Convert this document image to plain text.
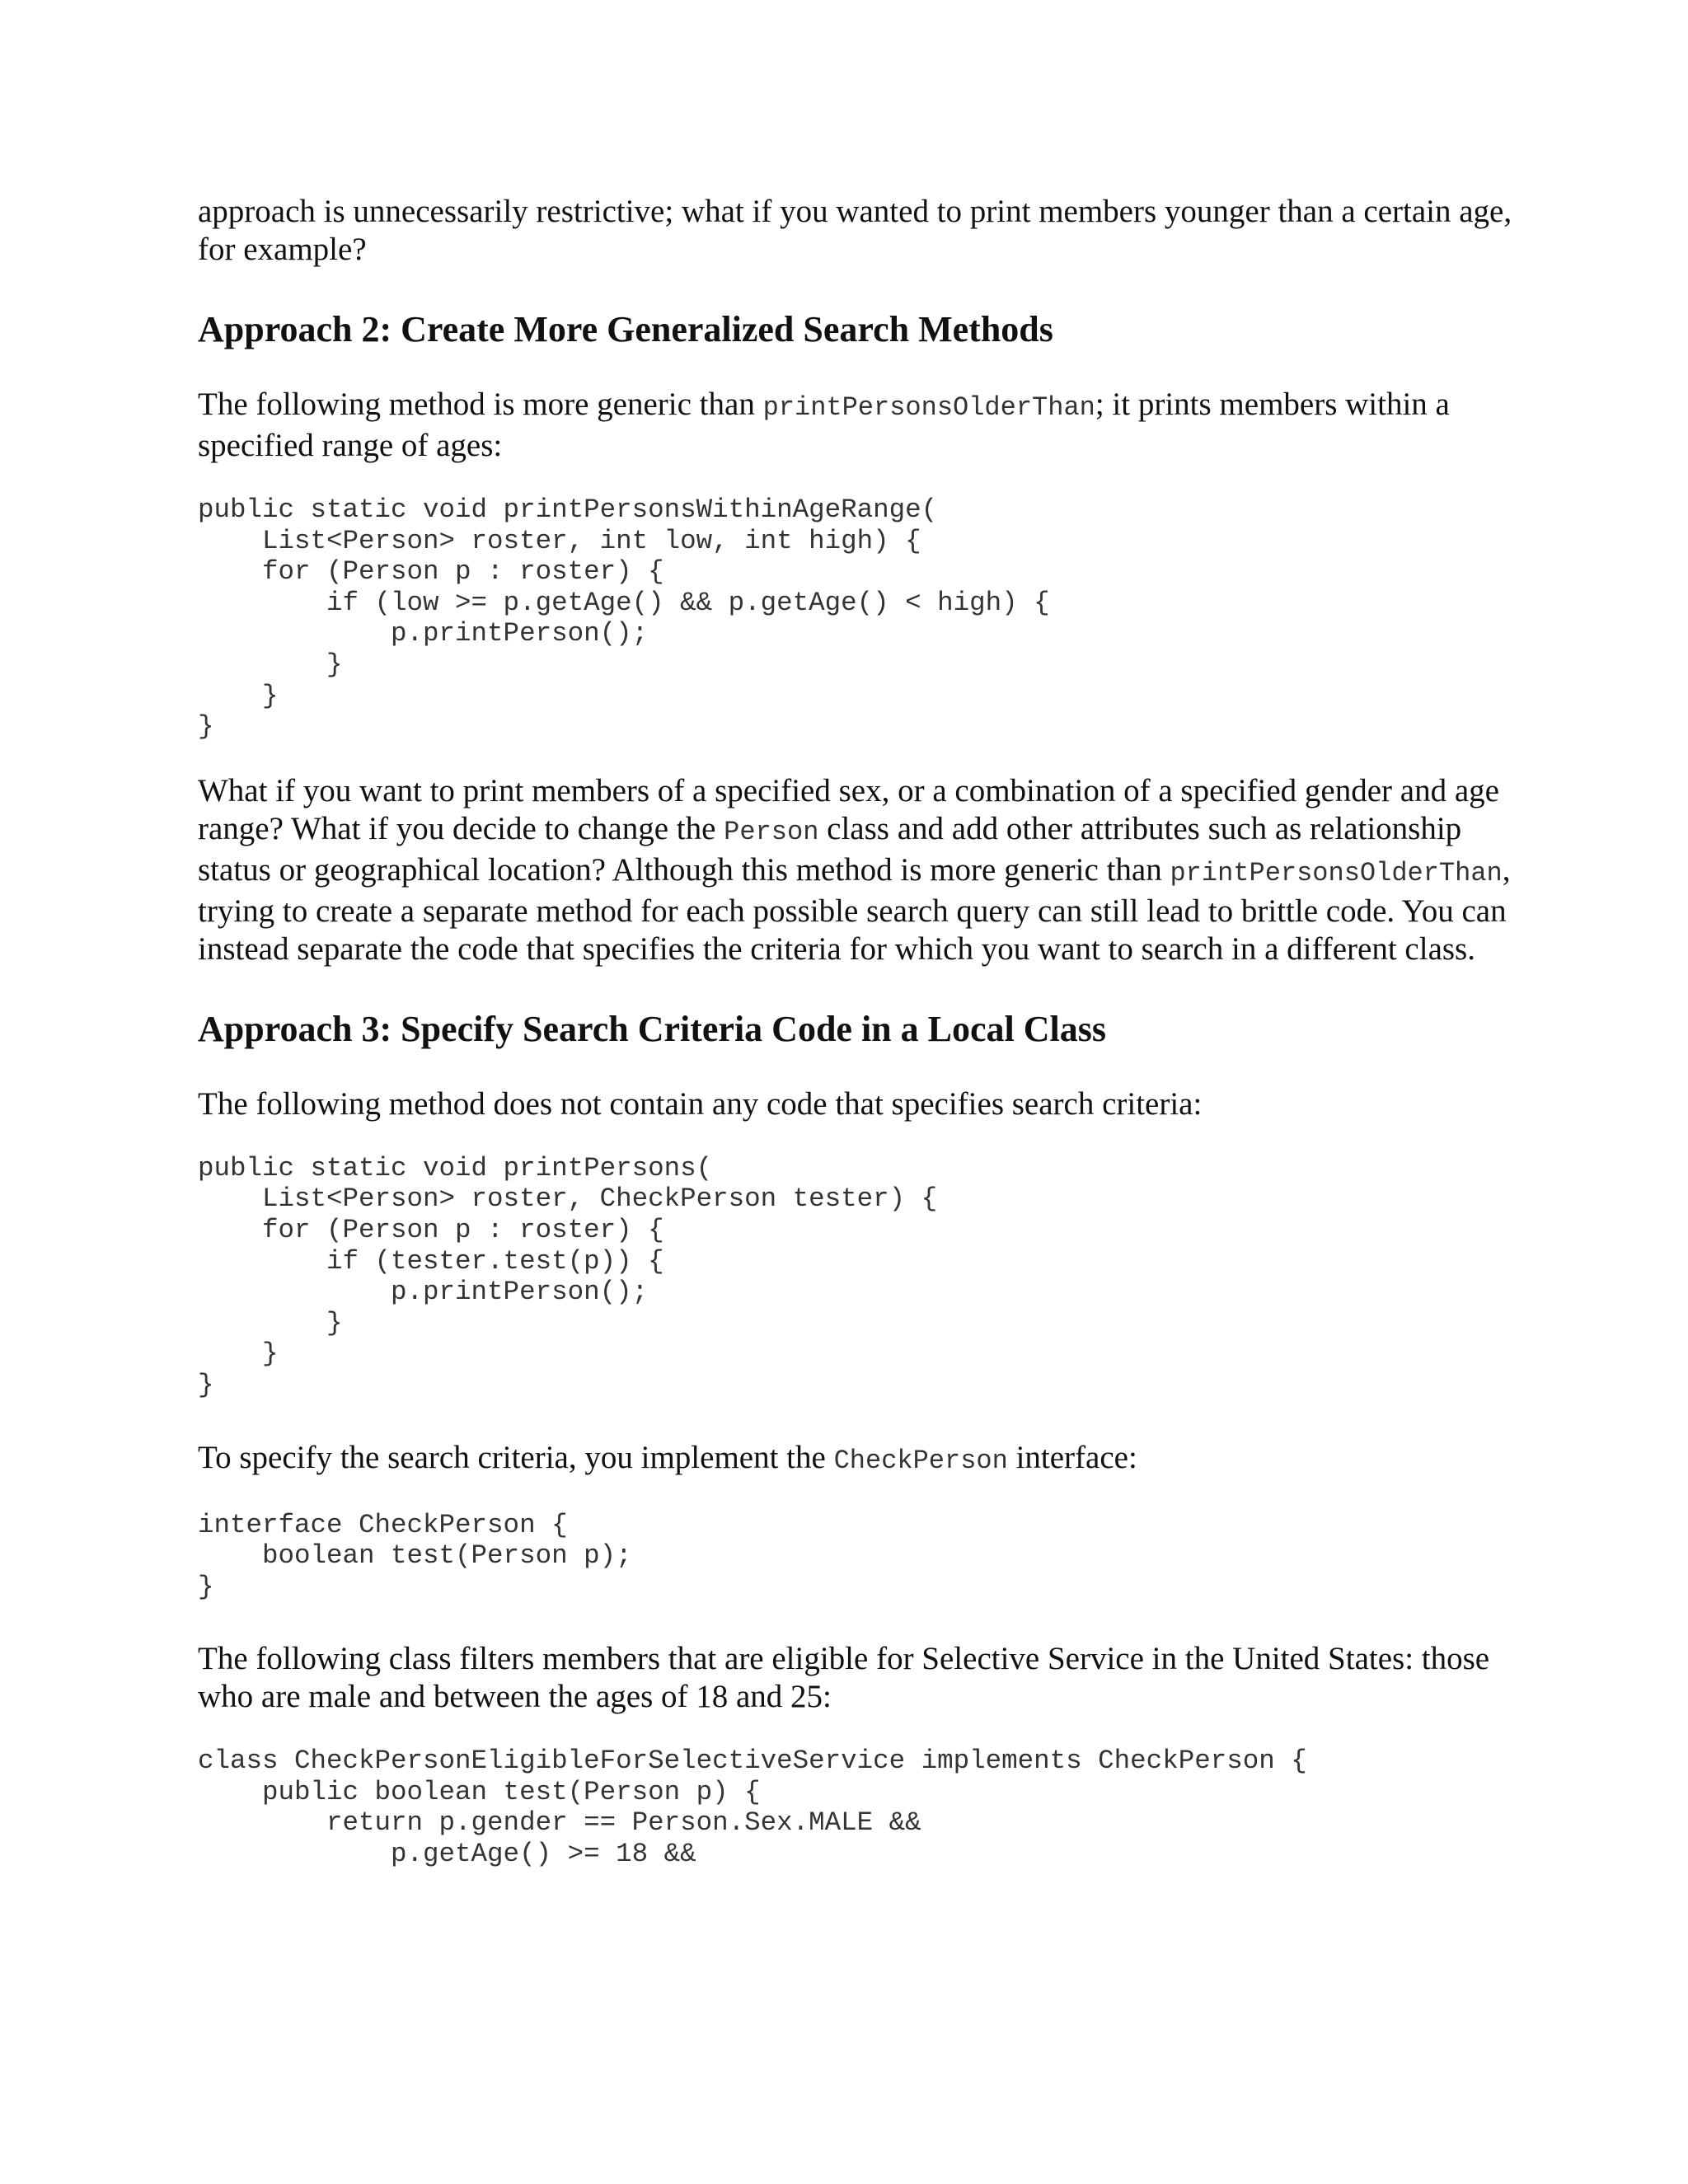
approach is unnecessarily restrictive; what if you wanted to print members younger than a certain age, for example?

Approach 2: Create More Generalized Search Methods

The following method is more generic than printPersonsOlderThan; it prints members within a specified range of ages:

public static void printPersonsWithinAgeRange(
List<Person> roster, int low, int high) {
for (Person p : roster) {
if (low >= p.getAge() && p.getAge() < high) {
p.printPerson();
}
}
}

What if you want to print members of a specified sex, or a combination of a specified gender and age range? What if you decide to change the Person class and add other attributes such as relationship status or geographical location? Although this method is more generic than printPersonsOlderThan, trying to create a separate method for each possible search query can still lead to brittle code. You can instead separate the code that specifies the criteria for which you want to search in a different class.

Approach 3: Specify Search Criteria Code in a Local Class

The following method does not contain any code that specifies search criteria:

public static void printPersons(
List<Person> roster, CheckPerson tester) {
for (Person p : roster) {
if (tester.test(p)) {
p.printPerson();
}
}
}

To specify the search criteria, you implement the CheckPerson interface:

interface CheckPerson {
boolean test(Person p);
}

The following class filters members that are eligible for Selective Service in the United States: those who are male and between the ages of 18 and 25:

class CheckPersonEligibleForSelectiveService implements CheckPerson {
public boolean test(Person p) {
return p.gender == Person.Sex.MALE &&
p.getAge() >= 18 &&
